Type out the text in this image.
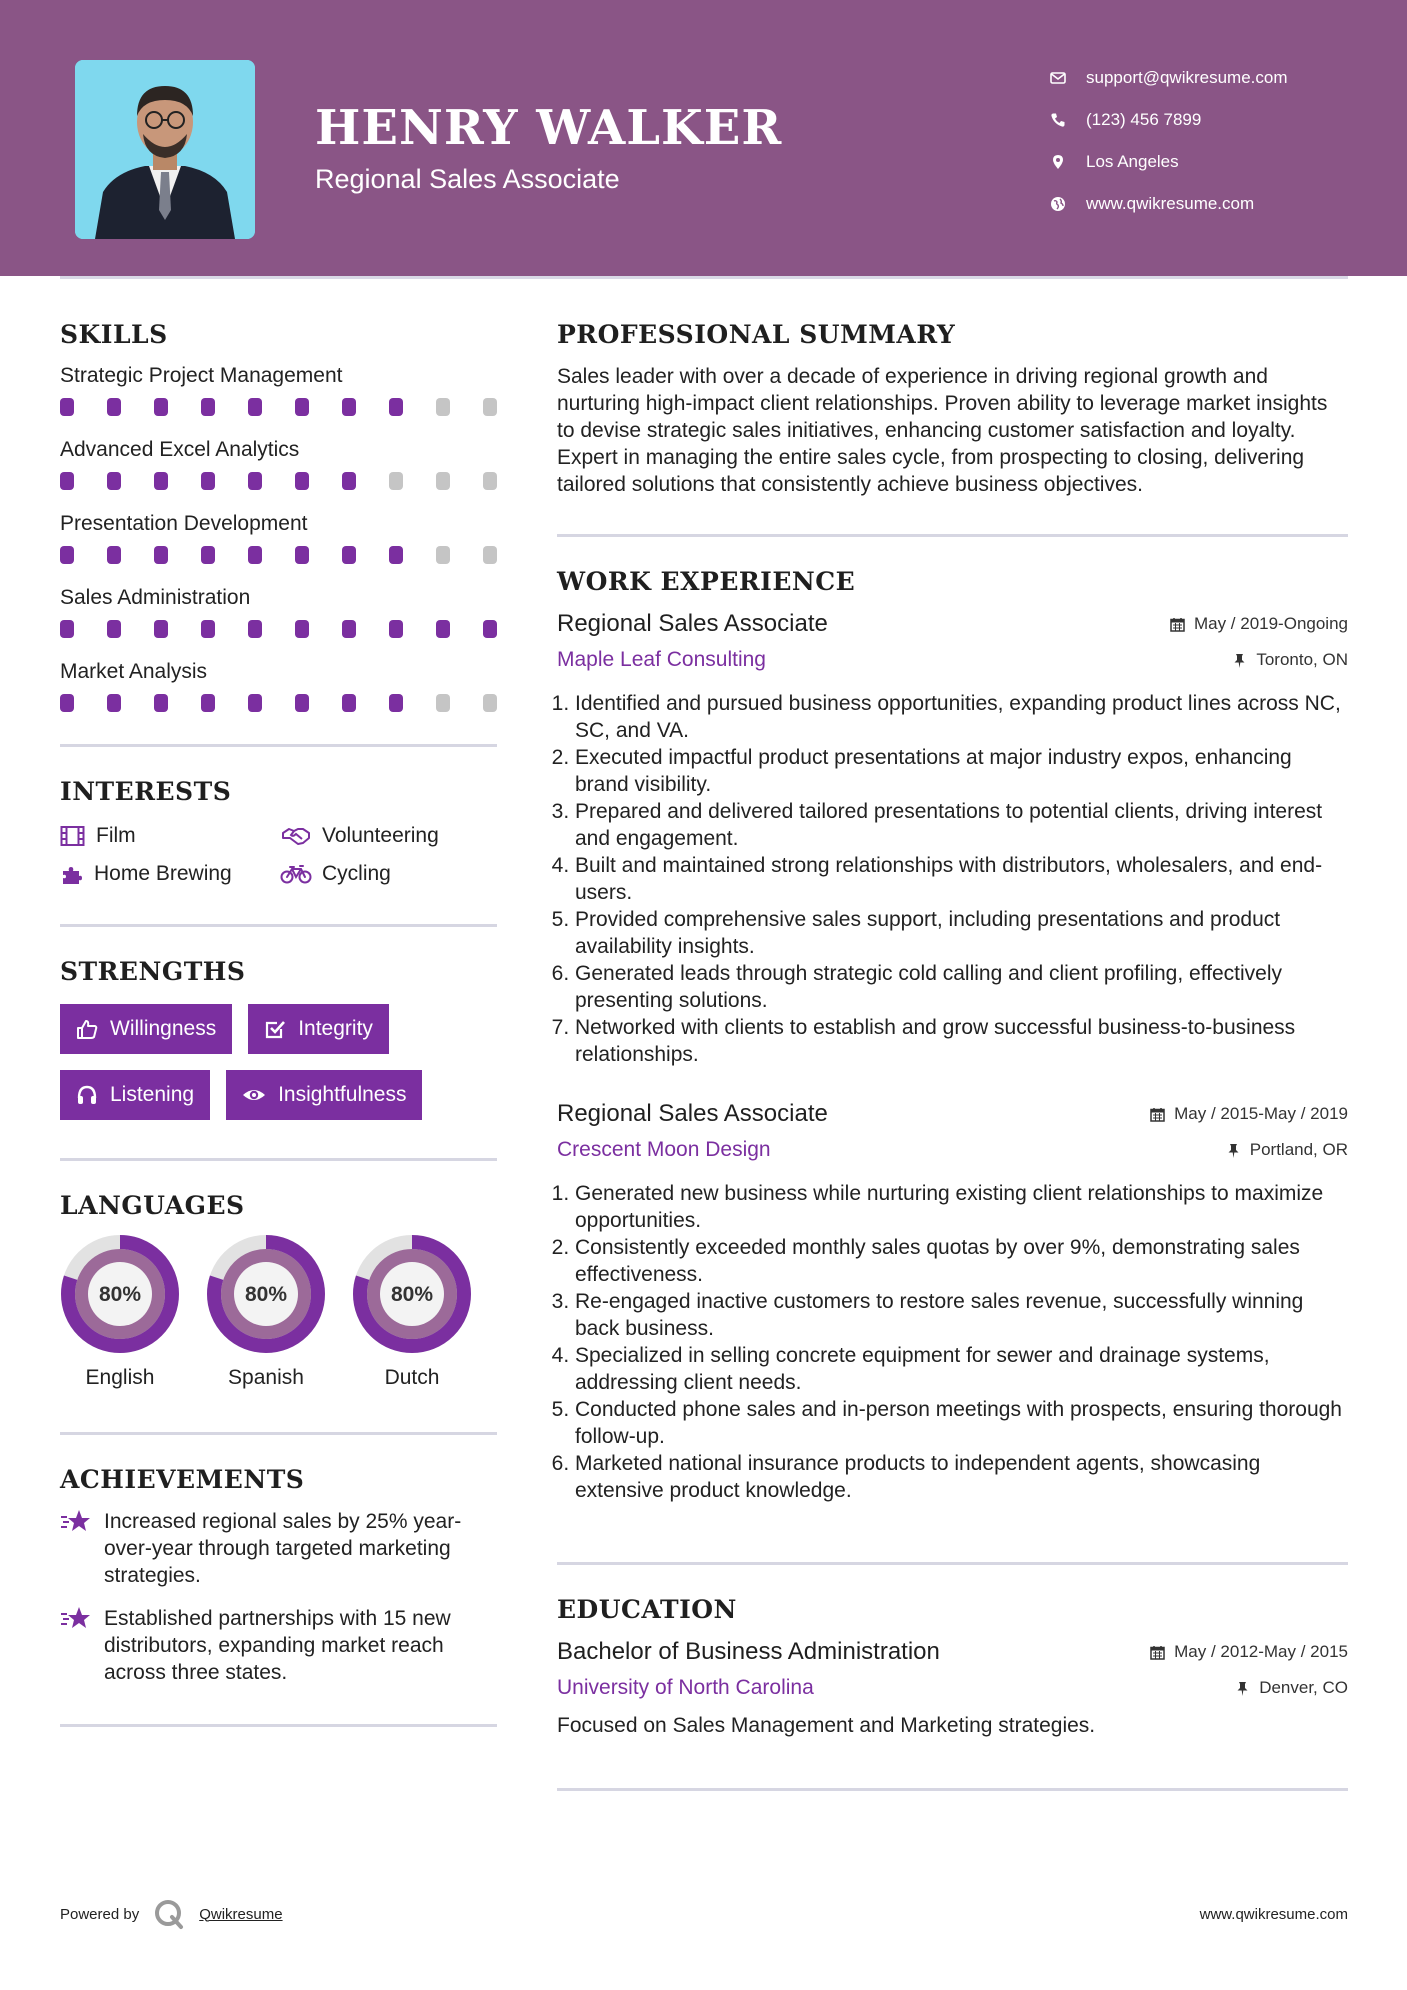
HENRY WALKER
Regional Sales Associate
support@qwikresume.com
(123) 456 7899
Los Angeles
www.qwikresume.com
SKILLS
Strategic Project Management
Advanced Excel Analytics
Presentation Development
Sales Administration
Market Analysis
INTERESTS
Film	Volunteering
Home Brewing	Cycling
STRENGTHS
Willingness	Integrity
Listening	Insightfulness
LANGUAGES
80%
English
80%
Spanish
80%
Dutch
ACHIEVEMENTS
Increased regional sales by 25% year-over-year through targeted marketing strategies.
Established partnerships with 15 new distributors, expanding market reach across three states.
PROFESSIONAL SUMMARY
Sales leader with over a decade of experience in driving regional growth and nurturing high-impact client relationships. Proven ability to leverage market insights to devise strategic sales initiatives, enhancing customer satisfaction and loyalty. Expert in managing the entire sales cycle, from prospecting to closing, delivering tailored solutions that consistently achieve business objectives.
WORK EXPERIENCE
Regional Sales Associate	May / 2019-Ongoing
Maple Leaf Consulting	Toronto, ON
1. Identified and pursued business opportunities, expanding product lines across NC, SC, and VA.
2. Executed impactful product presentations at major industry expos, enhancing brand visibility.
3. Prepared and delivered tailored presentations to potential clients, driving interest and engagement.
4. Built and maintained strong relationships with distributors, wholesalers, and end-users.
5. Provided comprehensive sales support, including presentations and product availability insights.
6. Generated leads through strategic cold calling and client profiling, effectively presenting solutions.
7. Networked with clients to establish and grow successful business-to-business relationships.
Regional Sales Associate	May / 2015-May / 2019
Crescent Moon Design	Portland, OR
1. Generated new business while nurturing existing client relationships to maximize opportunities.
2. Consistently exceeded monthly sales quotas by over 9%, demonstrating sales effectiveness.
3. Re-engaged inactive customers to restore sales revenue, successfully winning back business.
4. Specialized in selling concrete equipment for sewer and drainage systems, addressing client needs.
5. Conducted phone sales and in-person meetings with prospects, ensuring thorough follow-up.
6. Marketed national insurance products to independent agents, showcasing extensive product knowledge.
EDUCATION
Bachelor of Business Administration	May / 2012-May / 2015
University of North Carolina	Denver, CO
Focused on Sales Management and Marketing strategies.
Powered by	Qwikresume	www.qwikresume.com
